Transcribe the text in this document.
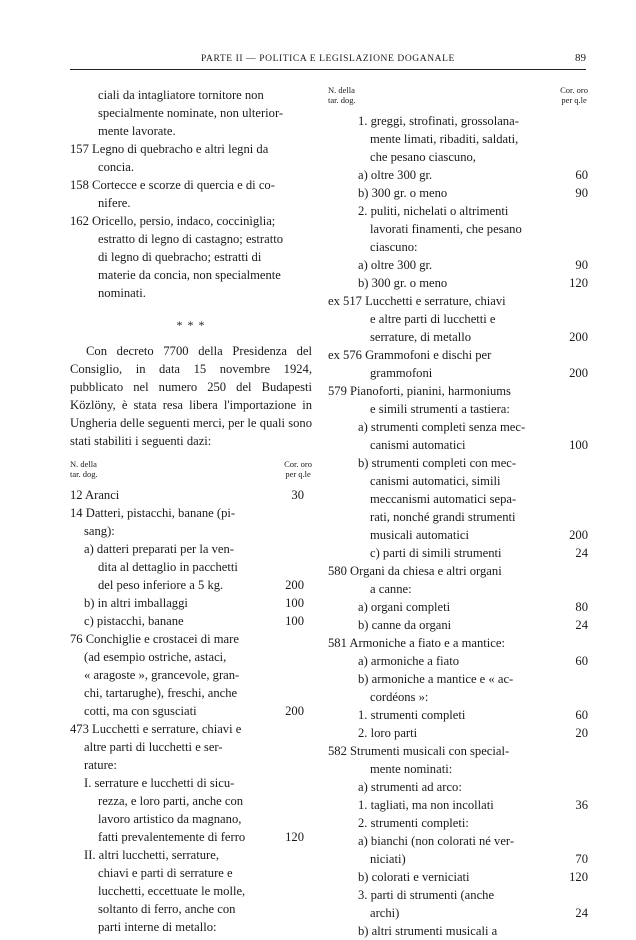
PARTE II — POLITICA E LEGISLAZIONE DOGANALE	89
ciali da intagliatore tornitore non
specialmente nominate, non ulterior-
mente lavorate.
157 Legno di quebracho e altri legni da
concia.
158 Cortecce e scorze di quercia e di co-
nifere.
162 Oricello, persio, indaco, coccinìglia;
estratto di legno di castagno; estratto
di legno di quebracho; estratti di
materie da concia, non specialmente
nominati.
* * *
Con decreto 7700 della Presidenza del Consiglio, in data 15 novembre 1924, pubblicato nel numero 250 del Budapesti Közlöny, è stata resa libera l'importazione in Ungheria delle seguenti merci, per le quali sono stati stabiliti i seguenti dazi:
N. della
tar. dog.
Cor. oro
per q.le
12 Aranci	30
14 Datteri, pistacchi, banane (pi-
sang):
a) datteri preparati per la ven-
dita al dettaglio in pacchetti
del peso inferiore a 5 kg.	200
b) in altri imballaggi	100
c) pistacchi, banane	100
76 Conchiglie e crostacei di mare
(ad esempio ostriche, astaci,
« aragoste », grancevole, gran-
chi, tartarughe), freschi, anche
cotti, ma con sgusciati	200
473 Lucchetti e serrature, chiavi e
altre parti di lucchetti e ser-
rature:
I. serrature e lucchetti di sicu-
rezza, e loro parti, anche con
lavoro artistico da magnano,
fatti prevalentemente di ferro	120
II. altri lucchetti, serrature,
chiavi e parti di serrature e
lucchetti, eccettuate le molle,
soltanto di ferro, anche con
parti interne di metallo:
N. della
tar. dog.
Cor. oro
per q.le
1. greggi, strofinati, grossolana-
mente limati, ribaditi, saldati,
che pesano ciascuno,
a) oltre 300 gr.	60
b) 300 gr. o meno	90
2. puliti, nichelati o altrimenti
lavorati finamenti, che pesano
ciascuno:
a) oltre 300 gr.	90
b) 300 gr. o meno	120
ex 517 Lucchetti e serrature, chiavi
e altre parti di lucchetti e
serrature, di metallo	200
ex 576 Grammofoni e dischi per
grammofoni	200
579 Pianoforti, pianini, harmoniums
e simili strumenti a tastiera:
a) strumenti completi senza mec-
canismi automatici	100
b) strumenti completi con mec-
canismi automatici, simili
meccanismi automatici sepa-
rati, nonché grandi strumenti
musicali automatici	200
c) parti di simili strumenti	24
580 Organi da chiesa e altri organi
a canne:
a) organi completi	80
b) canne da organi	24
581 Armoniche a fiato e a mantice:
a) armoniche a fiato	60
b) armoniche a mantice e « ac-
cordéons »:
1. strumenti completi	60
2. loro parti	20
582 Strumenti musicali con special-
mente nominati:
a) strumenti ad arco:
1. tagliati, ma non incollati	36
2. strumenti completi:
a) bianchi (non colorati né ver-
niciati)	70
b) colorati e verniciati	120
3. parti di strumenti (anche
archi)	24
b) altri strumenti musicali a
